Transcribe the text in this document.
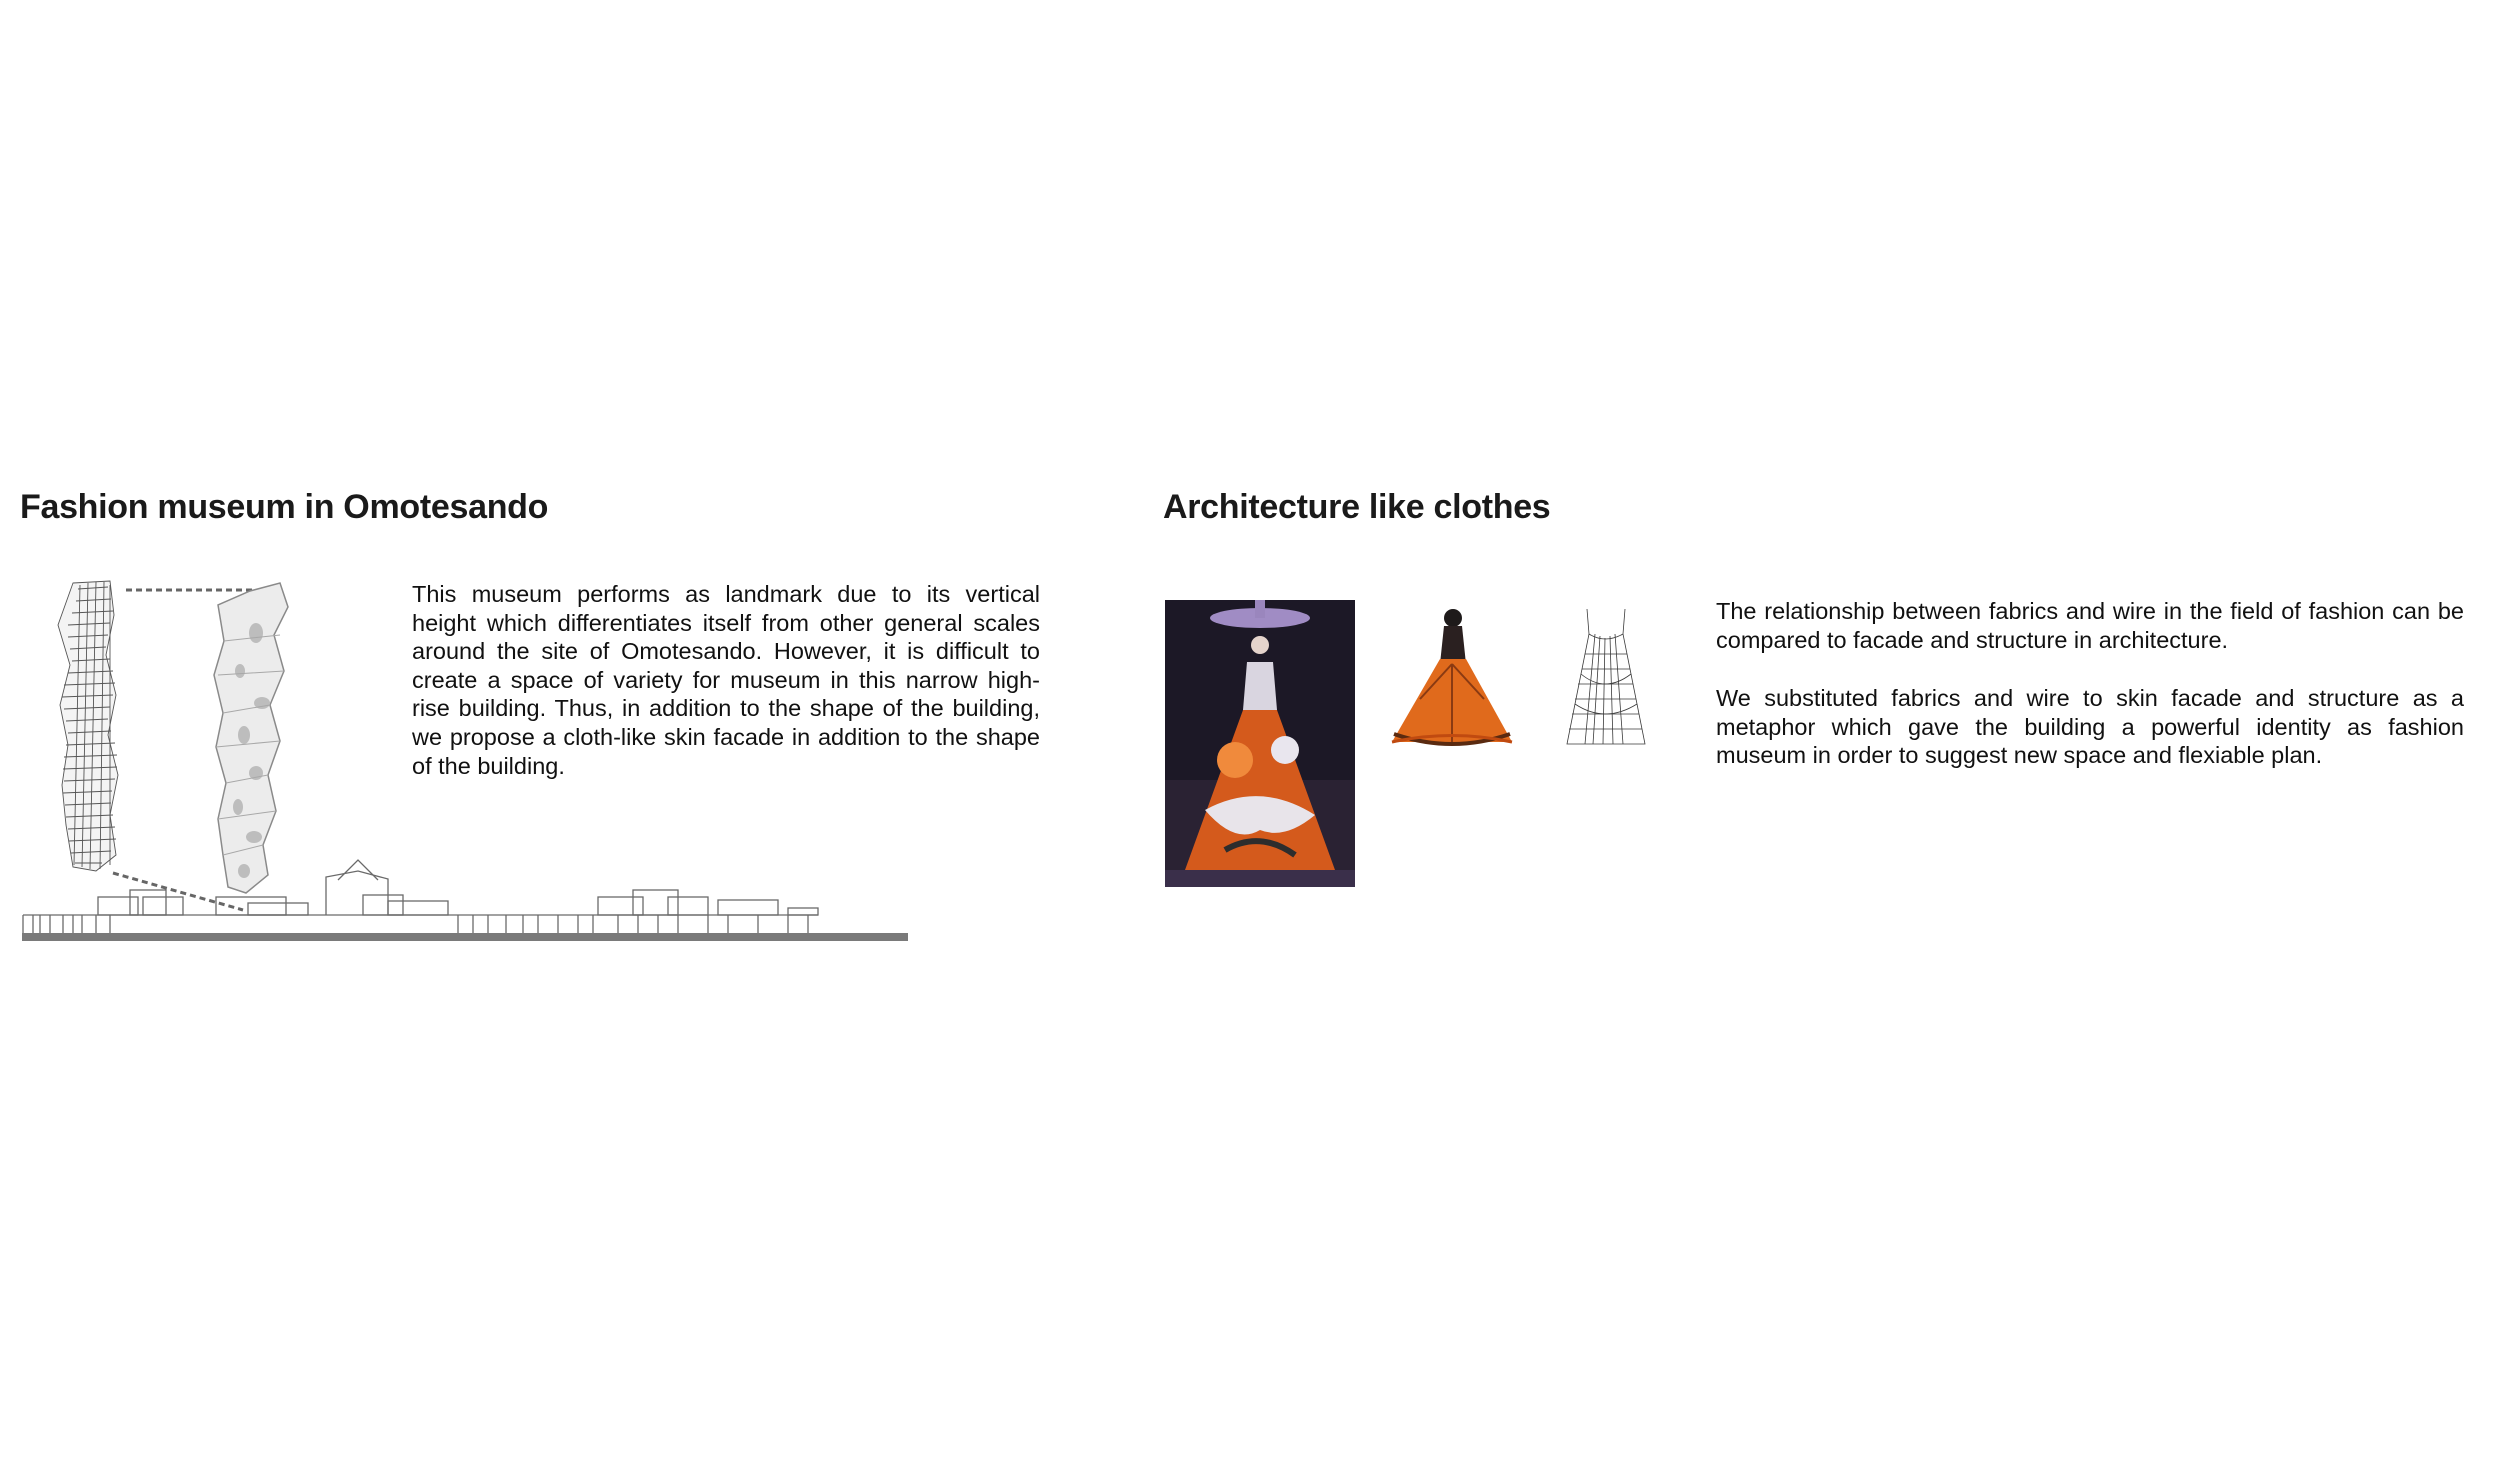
Fashion museum in Omotesando	Architecture like clothes

This museum performs as landmark due to its vertical height which differentiates itself from other general scales around the site of Omotesando. However, it is difficult to create a space of variety for museum in this narrow high-rise building. Thus, in addition to the shape of the building, we propose a cloth-like skin facade in addition to the shape of the building.

The relationship between fabrics and wire in the field of fashion can be compared to facade and structure in architecture.

We substituted fabrics and wire to skin facade and structure as a metaphor which gave the building a powerful identity as fashion museum in order to suggest new space and flexiable plan.
